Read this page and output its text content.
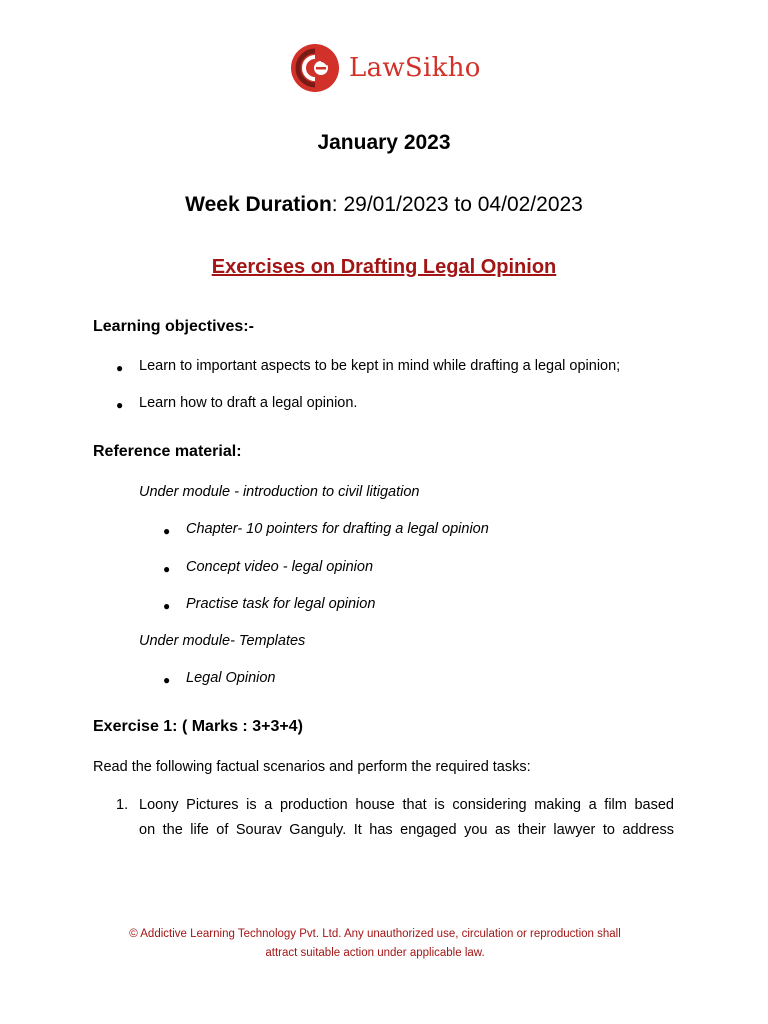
LawSikho
January 2023
Week Duration: 29/01/2023 to 04/02/2023
Exercises on Drafting Legal Opinion
Learning objectives:-
● Learn to important aspects to be kept in mind while drafting a legal opinion;
● Learn how to draft a legal opinion.
Reference material:
Under module - introduction to civil litigation
● Chapter- 10 pointers for drafting a legal opinion
● Concept video - legal opinion
● Practise task for legal opinion
Under module- Templates
● Legal Opinion
Exercise 1: ( Marks : 3+3+4)
Read the following factual scenarios and perform the required tasks:
1. Loony Pictures is a production house that is considering making a film based
on the life of Sourav Ganguly. It has engaged you as their lawyer to address
© Addictive Learning Technology Pvt. Ltd. Any unauthorized use, circulation or reproduction shall
attract suitable action under applicable law.
